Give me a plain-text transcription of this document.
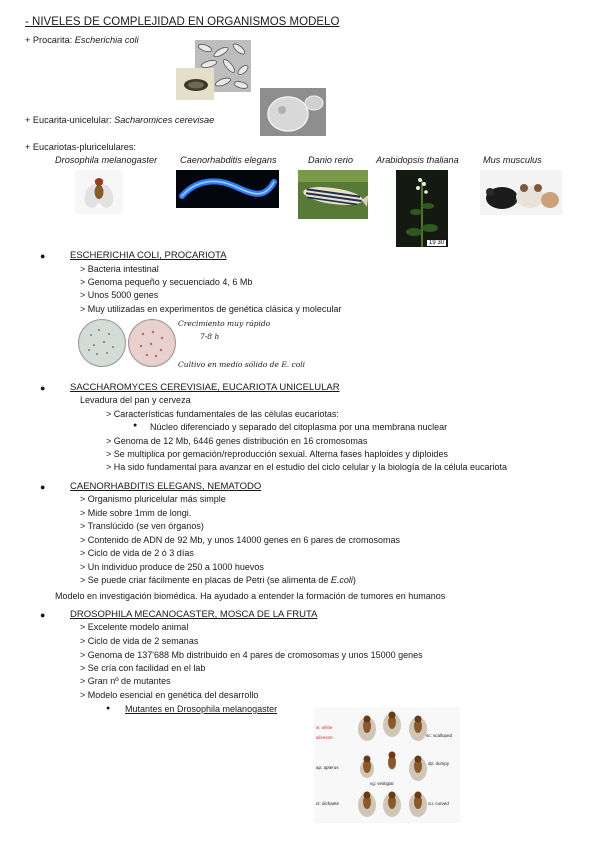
- NIVELES DE COMPLEJIDAD EN ORGANISMOS MODELO
+ Procarita: Escherichia coli
+ Eucarita-unicelular: Sacharomices cerevisae
+ Eucariotas-pluricelulares:
Drosophila melanogaster Caenorhabditis elegans	Danio rerio	Arabidopsis thaliana	Mus musculus
19 30
●	ESCHERICHIA COLI, PROCARIOTA
> Bacteria intestinal
> Genoma pequeño y secuenciado 4, 6 Mb
> Unos 5000 genes
> Muy utilizadas en experimentos de genética clásica y molecular
Crecimiento muy rápido
7-8 h
Cultivo en medio sólido de E. coli
●	SACCHAROMYCES CEREVISIAE, EUCARIOTA UNICELULAR
Levadura del pan y cerveza
> Características fundamentales de las células eucariotas:
● Núcleo diferenciado y separado del citoplasma por una membrana nuclear
> Genoma de 12 Mb, 6446 genes distribución en 16 cromosomas
> Se multiplica por gemación/reproducción sexual. Alterna fases haploides y diploides
> Ha sido fundamental para avanzar en el estudio del ciclo celular y la biología de la célula eucariota
●	CAENORHABDITIS ELEGANS, NEMATODO
> Organismo pluricelular más simple
> Mide sobre 1mm de longi.
> Translúcido (se ven órganos)
> Contenido de ADN de 92 Mb, y unos 14000 genes en 6 pares de cromosomas
> Ciclo de vida de 2 ó 3 días
> Un individuo produce de 250 a 1000 huevos
> Se puede criar fácilmente en placas de Petri (se alimenta de E.coli)
Modelo en investigación biomédica. Ha ayudado a entender la formación de tumores en humanos
●	DROSOPHILA MECANOCASTER, MOSCA DE LA FRUTA
> Excelente modelo animal
> Ciclo de vida de 2 semanas
> Genoma de 137'688 Mb distribuido en 4 pares de cromosomas y unos 15000 genes
> Se cría con facilidad en el lab
> Gran nº de mutantes
> Modelo esencial en genética del desarrollo
● Mutantes en Drosophila melanogaster
w: white
alivestre	sc: scalloped
dp: dumpy
ap: apterus
vg: vestigial
ct: dichaete	cu: curved
